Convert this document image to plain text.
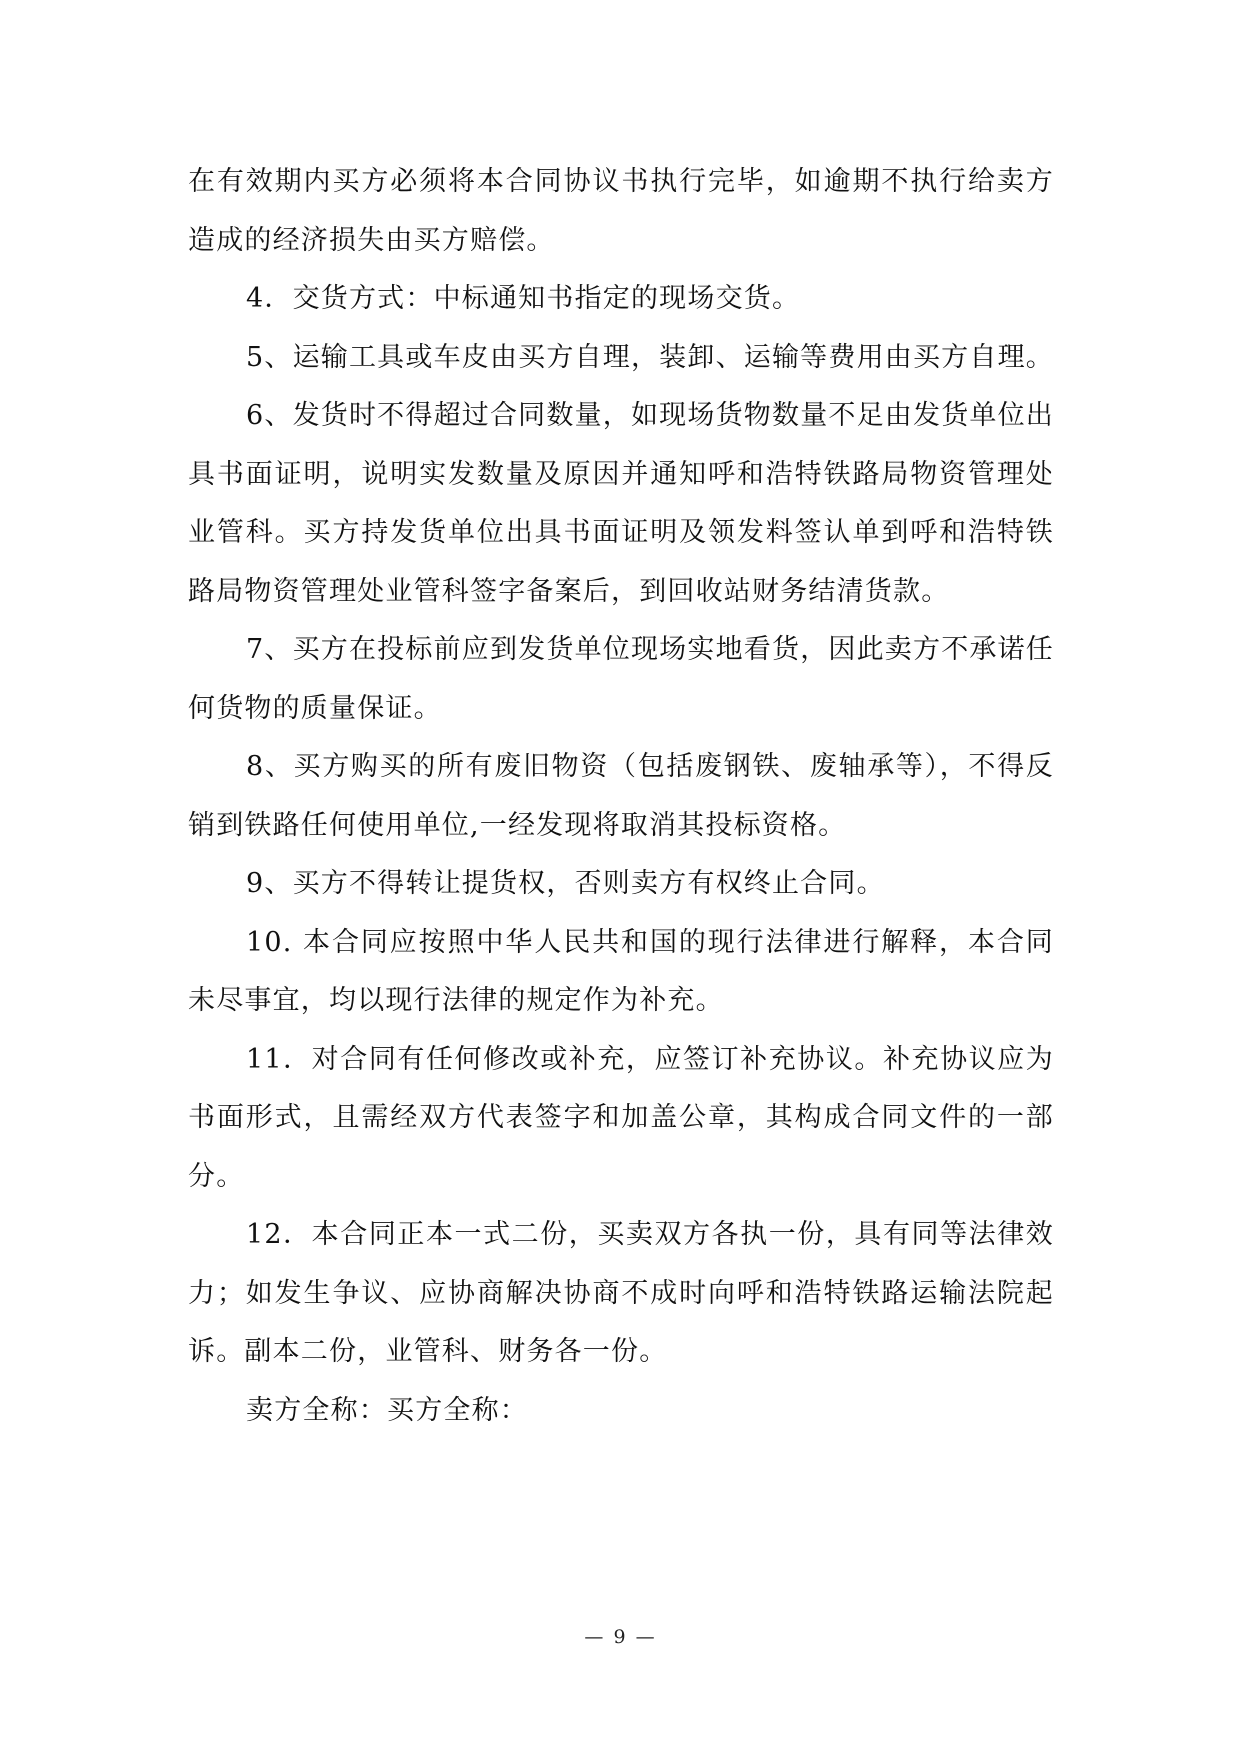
在有效期内买方必须将本合同协议书执行完毕，如逾期不执行给卖方造成的经济损失由买方赔偿。

4．交货方式：中标通知书指定的现场交货。

5、运输工具或车皮由买方自理，装卸、运输等费用由买方自理。

6、发货时不得超过合同数量，如现场货物数量不足由发货单位出具书面证明，说明实发数量及原因并通知呼和浩特铁路局物资管理处业管科。买方持发货单位出具书面证明及领发料签认单到呼和浩特铁路局物资管理处业管科签字备案后，到回收站财务结清货款。

7、买方在投标前应到发货单位现场实地看货，因此卖方不承诺任何货物的质量保证。

8、买方购买的所有废旧物资（包括废钢铁、废轴承等），不得反销到铁路任何使用单位,一经发现将取消其投标资格。

9、买方不得转让提货权，否则卖方有权终止合同。

10. 本合同应按照中华人民共和国的现行法律进行解释，本合同未尽事宜，均以现行法律的规定作为补充。

11．对合同有任何修改或补充，应签订补充协议。补充协议应为书面形式，且需经双方代表签字和加盖公章，其构成合同文件的一部分。

12．本合同正本一式二份，买卖双方各执一份，具有同等法律效力；如发生争议、应协商解决协商不成时向呼和浩特铁路运输法院起诉。副本二份，业管科、财务各一份。

卖方全称：买方全称：

— 9 —
